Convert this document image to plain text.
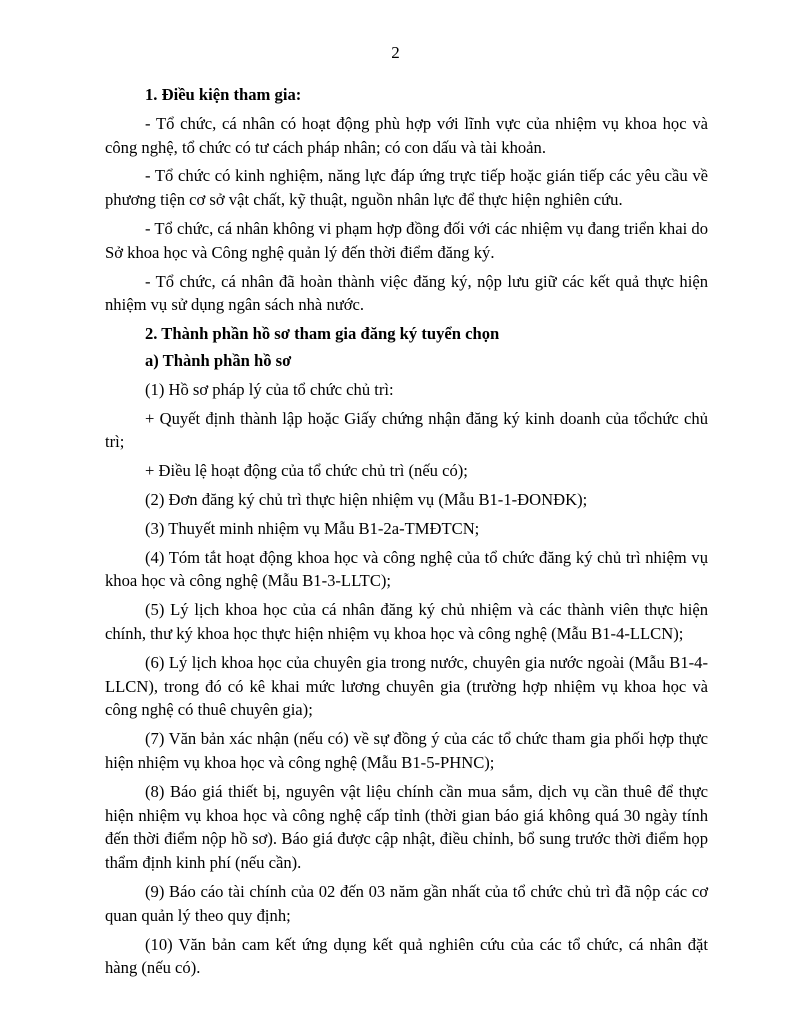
2

1. Điều kiện tham gia:

- Tổ chức, cá nhân có hoạt động phù hợp với lĩnh vực của nhiệm vụ khoa học và công nghệ, tổ chức có tư cách pháp nhân; có con dấu và tài khoản.

- Tổ chức có kinh nghiệm, năng lực đáp ứng trực tiếp hoặc gián tiếp các yêu cầu về phương tiện cơ sở vật chất, kỹ thuật, nguồn nhân lực để thực hiện nghiên cứu.

- Tổ chức, cá nhân không vi phạm hợp đồng đối với các nhiệm vụ đang triển khai do Sở khoa học và Công nghệ quản lý đến thời điểm đăng ký.

- Tổ chức, cá nhân đã hoàn thành việc đăng ký, nộp lưu giữ các kết quả thực hiện nhiệm vụ sử dụng ngân sách nhà nước.

2. Thành phần hồ sơ tham gia đăng ký tuyển chọn

a) Thành phần hồ sơ

(1) Hồ sơ pháp lý của tổ chức chủ trì:

+ Quyết định thành lập hoặc Giấy chứng nhận đăng ký kinh doanh của tổchức chủ trì;

+ Điều lệ hoạt động của tổ chức chủ trì (nếu có);

(2) Đơn đăng ký chủ trì thực hiện nhiệm vụ (Mẫu B1-1-ĐONĐK);

(3) Thuyết minh nhiệm vụ Mẫu B1-2a-TMĐTCN;

(4) Tóm tắt hoạt động khoa học và công nghệ của tổ chức đăng ký chủ trì nhiệm vụ khoa học và công nghệ (Mẫu B1-3-LLTC);

(5) Lý lịch khoa học của cá nhân đăng ký chủ nhiệm và các thành viên thực hiện chính, thư ký khoa học thực hiện nhiệm vụ khoa học và công nghệ (Mẫu B1-4-LLCN);

(6) Lý lịch khoa học của chuyên gia trong nước, chuyên gia nước ngoài (Mẫu B1-4-LLCN), trong đó có kê khai mức lương chuyên gia (trường hợp nhiệm vụ khoa học và công nghệ có thuê chuyên gia);

(7) Văn bản xác nhận (nếu có) về sự đồng ý của các tổ chức tham gia phối hợp thực hiện nhiệm vụ khoa học và công nghệ (Mẫu B1-5-PHNC);

(8) Báo giá thiết bị, nguyên vật liệu chính cần mua sắm, dịch vụ cần thuê để thực hiện nhiệm vụ khoa học và công nghệ cấp tỉnh (thời gian báo giá không quá 30 ngày tính đến thời điểm nộp hồ sơ). Báo giá được cập nhật, điều chỉnh, bổ sung trước thời điểm họp thẩm định kinh phí (nếu cần).

(9) Báo cáo tài chính của 02 đến 03 năm gần nhất của tổ chức chủ trì đã nộp các cơ quan quản lý theo quy định;

(10) Văn bản cam kết ứng dụng kết quả nghiên cứu của các tổ chức, cá nhân đặt hàng (nếu có).
